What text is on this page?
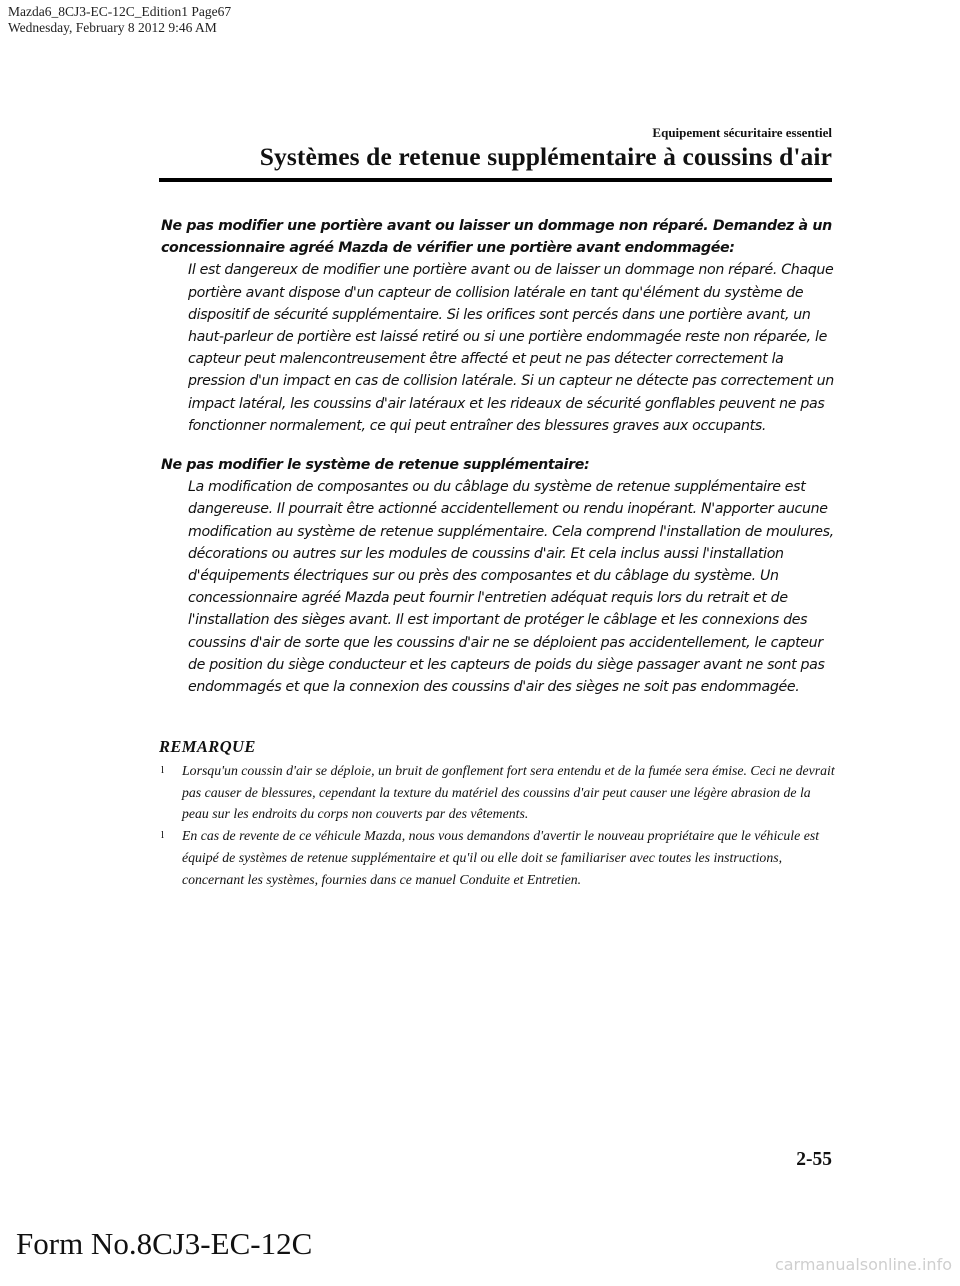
Mazda6_8CJ3-EC-12C_Edition1 Page67
Wednesday, February 8 2012 9:46 AM
Equipement sécuritaire essentiel
Systèmes de retenue supplémentaire à coussins d'air
Ne pas modifier une portière avant ou laisser un dommage non réparé. Demandez à un concessionnaire agréé Mazda de vérifier une portière avant endommagée:
Il est dangereux de modifier une portière avant ou de laisser un dommage non réparé. Chaque portière avant dispose d'un capteur de collision latérale en tant qu'élément du système de dispositif de sécurité supplémentaire. Si les orifices sont percés dans une portière avant, un haut-parleur de portière est laissé retiré ou si une portière endommagée reste non réparée, le capteur peut malencontreusement être affecté et peut ne pas détecter correctement la pression d'un impact en cas de collision latérale. Si un capteur ne détecte pas correctement un impact latéral, les coussins d'air latéraux et les rideaux de sécurité gonflables peuvent ne pas fonctionner normalement, ce qui peut entraîner des blessures graves aux occupants.
Ne pas modifier le système de retenue supplémentaire:
La modification de composantes ou du câblage du système de retenue supplémentaire est dangereuse. Il pourrait être actionné accidentellement ou rendu inopérant. N'apporter aucune modification au système de retenue supplémentaire. Cela comprend l'installation de moulures, décorations ou autres sur les modules de coussins d'air. Et cela inclus aussi l'installation d'équipements électriques sur ou près des composantes et du câblage du système. Un concessionnaire agréé Mazda peut fournir l'entretien adéquat requis lors du retrait et de l'installation des sièges avant. Il est important de protéger le câblage et les connexions des coussins d'air de sorte que les coussins d'air ne se déploient pas accidentellement, le capteur de position du siège conducteur et les capteurs de poids du siège passager avant ne sont pas endommagés et que la connexion des coussins d'air des sièges ne soit pas endommagée.
REMARQUE
l Lorsqu'un coussin d'air se déploie, un bruit de gonflement fort sera entendu et de la fumée sera émise. Ceci ne devrait pas causer de blessures, cependant la texture du matériel des coussins d'air peut causer une légère abrasion de la peau sur les endroits du corps non couverts par des vêtements.
l En cas de revente de ce véhicule Mazda, nous vous demandons d'avertir le nouveau propriétaire que le véhicule est équipé de systèmes de retenue supplémentaire et qu'il ou elle doit se familiariser avec toutes les instructions, concernant les systèmes, fournies dans ce manuel Conduite et Entretien.
2-55
Form No.8CJ3-EC-12C
carmanualsonline.info
